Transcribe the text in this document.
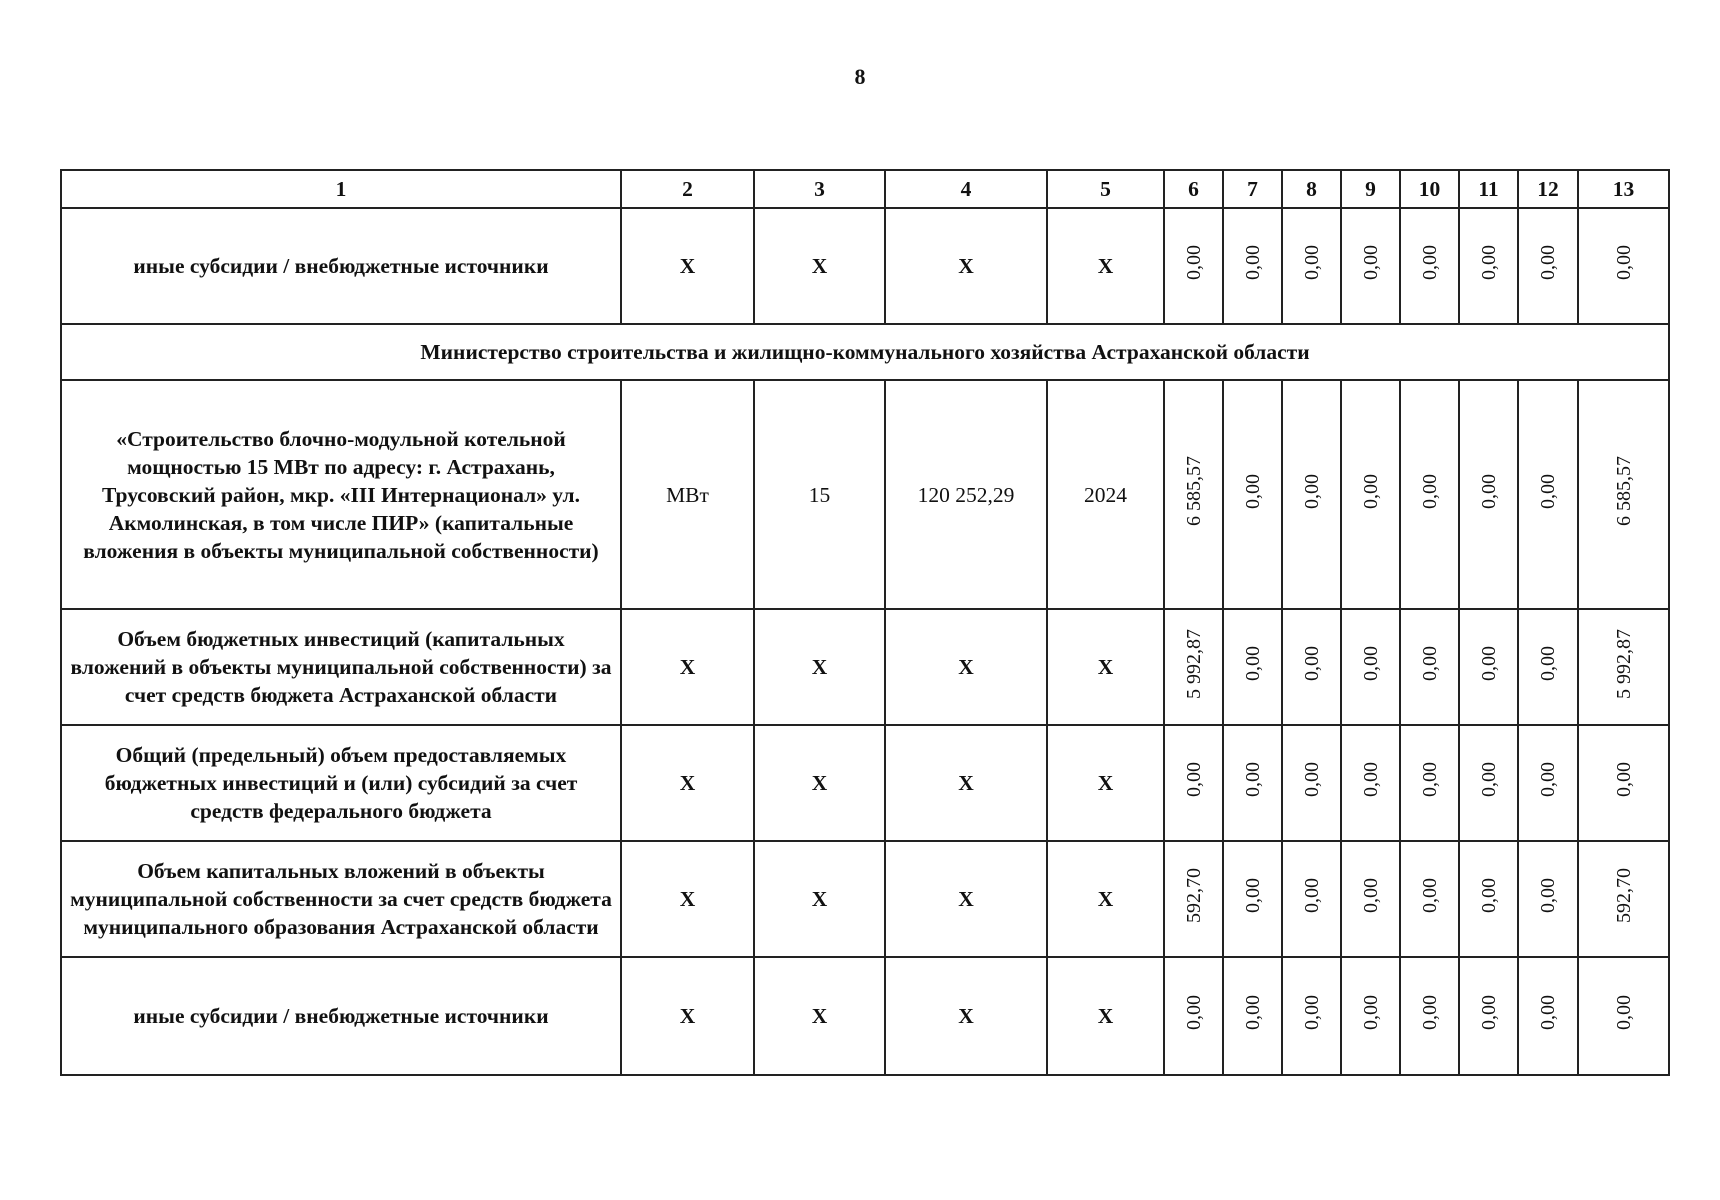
8
1	2	3	4	5	6	7	8	9	10	11	12	13
иные субсидии / внебюджетные источники	Х	Х	Х	Х	0,00	0,00	0,00	0,00	0,00	0,00	0,00	0,00
Министерство строительства и жилищно-коммунального хозяйства Астраханской области												
«Строительство блочно-модульной котельной мощностью 15 МВт по адресу: г. Астрахань, Трусовский район, мкр. «III Интернационал» ул. Акмолинская, в том числе ПИР» (капитальные вложения в объекты муниципальной собственности)	МВт	15	120 252,29	2024	6 585,57	0,00	0,00	0,00	0,00	0,00	0,00	6 585,57
Объем бюджетных инвестиций (капитальных вложений в объекты муниципальной собственности) за счет средств бюджета Астраханской области	Х	Х	Х	Х	5 992,87	0,00	0,00	0,00	0,00	0,00	0,00	5 992,87
Общий (предельный) объем предоставляемых бюджетных инвестиций и (или) субсидий за счет средств федерального бюджета	Х	Х	Х	Х	0,00	0,00	0,00	0,00	0,00	0,00	0,00	0,00
Объем капитальных вложений в объекты муниципальной собственности за счет средств бюджета муниципального образования Астраханской области	Х	Х	Х	Х	592,70	0,00	0,00	0,00	0,00	0,00	0,00	592,70
иные субсидии / внебюджетные источники	Х	Х	Х	Х	0,00	0,00	0,00	0,00	0,00	0,00	0,00	0,00
